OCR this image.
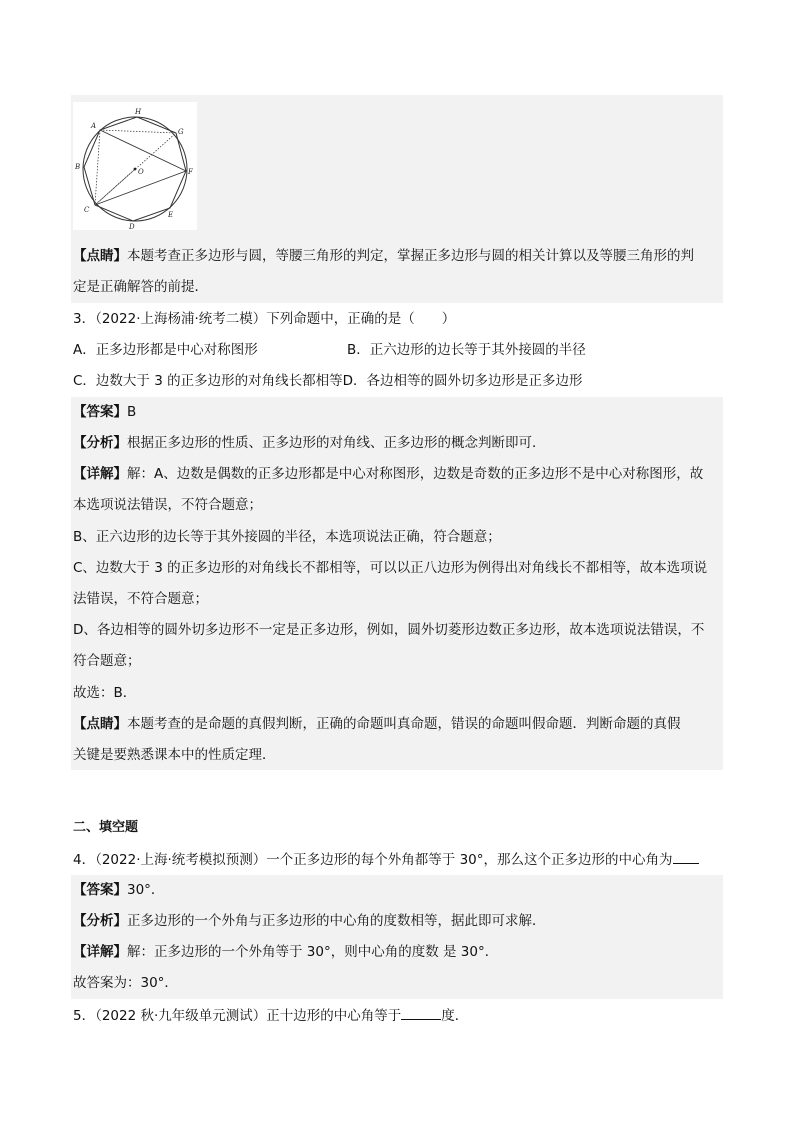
H
A
G
B
O	F
C
E
D
【点睛】本题考查正多边形与圆，等腰三角形的判定，掌握正多边形与圆的相关计算以及等腰三角形的判
定是正确解答的前提．
3．（2022·上海杨浦·统考二模）下列命题中，正确的是（　　）
A．正多边形都是中心对称图形	B．正六边形的边长等于其外接圆的半径
C．边数大于 3 的正多边形的对角线长都相等D．各边相等的圆外切多边形是正多边形
【答案】B
【分析】根据正多边形的性质、正多边形的对角线、正多边形的概念判断即可．
【详解】解：A、边数是偶数的正多边形都是中心对称图形，边数是奇数的正多边形不是中心对称图形，故
本选项说法错误，不符合题意；
B、正六边形的边长等于其外接圆的半径，本选项说法正确，符合题意；
C、边数大于 3 的正多边形的对角线长不都相等，可以以正八边形为例得出对角线长不都相等，故本选项说
法错误，不符合题意；
D、各边相等的圆外切多边形不一定是正多边形，例如，圆外切菱形边数正多边形，故本选项说法错误，不
符合题意；
故选：B．
【点睛】本题考查的是命题的真假判断，正确的命题叫真命题，错误的命题叫假命题．判断命题的真假
关键是要熟悉课本中的性质定理．
二、填空题
4．（2022·上海·统考模拟预测）一个正多边形的每个外角都等于 30°，那么这个正多边形的中心角为
【答案】30°．
【分析】正多边形的一个外角与正多边形的中心角的度数相等，据此即可求解．
【详解】解：正多边形的一个外角等于 30°，则中心角的度数 是 30°．
故答案为：30°．
5．（2022 秋·九年级单元测试）正十边形的中心角等于	度．
